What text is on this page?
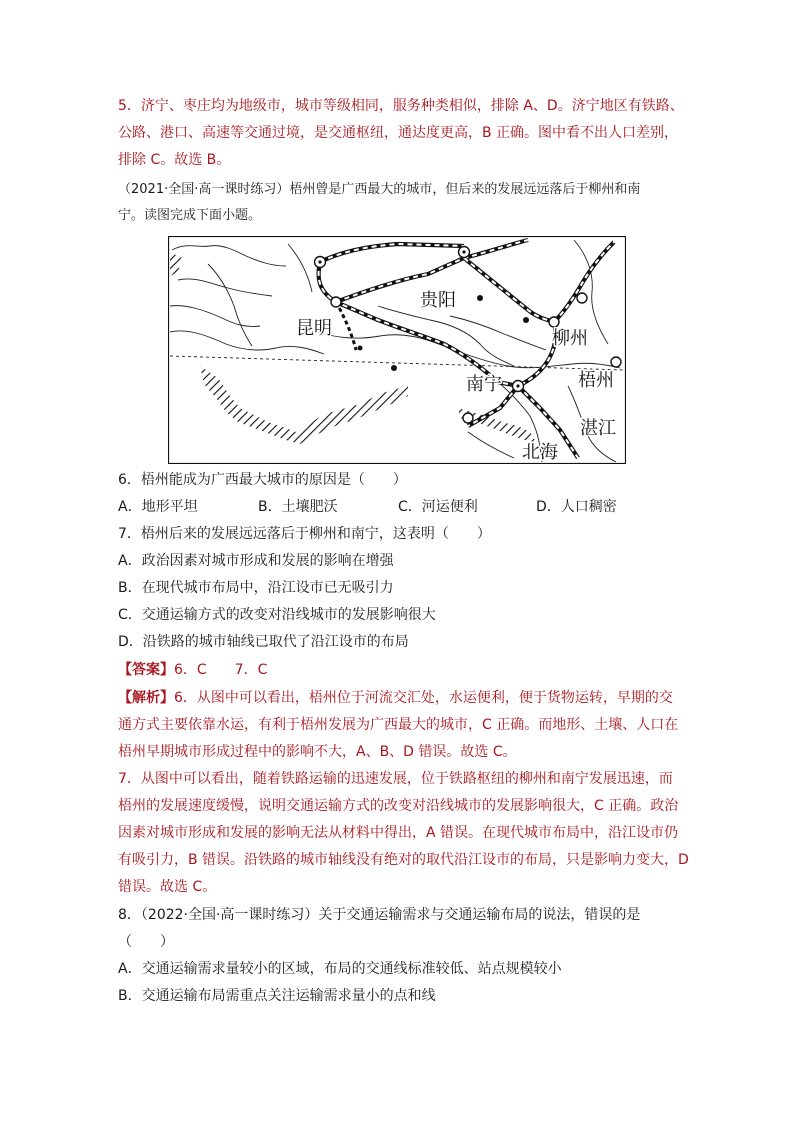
5．济宁、枣庄均为地级市，城市等级相同，服务种类相似，排除 A、D。济宁地区有铁路、
公路、港口、高速等交通过境，是交通枢纽，通达度更高，B 正确。图中看不出人口差别，
排除 C。故选 B。
（2021·全国·高一课时练习）梧州曾是广西最大的城市，但后来的发展远远落后于柳州和南
宁。读图完成下面小题。
贵阳
昆明	柳州
南宁	梧州
湛江
北海
6．梧州能成为广西最大城市的原因是（　　）
A．地形平坦	B．土壤肥沃	C．河运便利	D．人口稠密
7．梧州后来的发展远远落后于柳州和南宁，这表明（　　）
A．政治因素对城市形成和发展的影响在增强
B．在现代城市布局中，沿江设市已无吸引力
C．交通运输方式的改变对沿线城市的发展影响很大
D．沿铁路的城市轴线已取代了沿江设市的布局
【答案】6．C　　7．C
【解析】6．从图中可以看出，梧州位于河流交汇处，水运便利，便于货物运转，早期的交
通方式主要依靠水运，有利于梧州发展为广西最大的城市，C 正确。而地形、土壤、人口在
梧州早期城市形成过程中的影响不大，A、B、D 错误。故选 C。
7．从图中可以看出，随着铁路运输的迅速发展，位于铁路枢纽的柳州和南宁发展迅速，而
梧州的发展速度缓慢，说明交通运输方式的改变对沿线城市的发展影响很大，C 正确。政治
因素对城市形成和发展的影响无法从材料中得出，A 错误。在现代城市布局中，沿江设市仍
有吸引力，B 错误。沿铁路的城市轴线没有绝对的取代沿江设市的布局，只是影响力变大，D
错误。故选 C。
8．（2022·全国·高一课时练习）关于交通运输需求与交通运输布局的说法，错误的是
（　　）
A．交通运输需求量较小的区域，布局的交通线标准较低、站点规模较小
B．交通运输布局需重点关注运输需求量小的点和线
